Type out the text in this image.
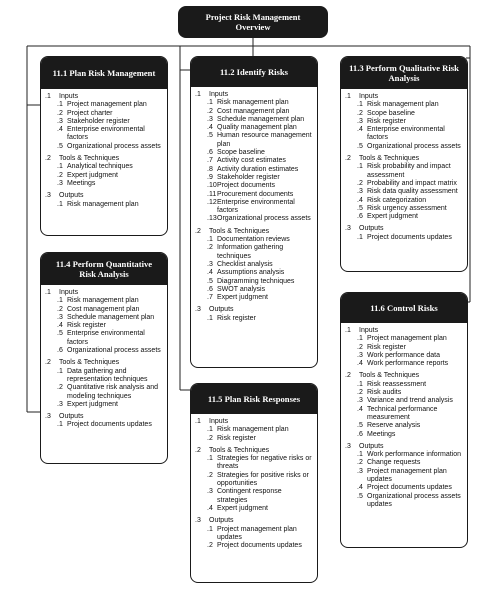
Project Risk Management Overview
11.1 Plan Risk Management
.1	Inputs
.1 Project management plan
.2 Project charter
.3 Stakeholder register
.4 Enterprise environmental factors
.5 Organizational process assets
.2	Tools & Techniques
.1 Analytical techniques
.2 Expert judgment
.3 Meetings
.3	Outputs
.1 Risk management plan
11.4 Perform Quantitative Risk Analysis
.1	Inputs
.1 Risk management plan
.2 Cost management plan
.3 Schedule management plan
.4 Risk register
.5 Enterprise environmental factors
.6 Organizational process assets
.2	Tools & Techniques
.1 Data gathering and representation techniques
.2 Quantitative risk analysis and modeling techniques
.3 Expert judgment
.3	Outputs
.1 Project documents updates
11.2 Identify Risks
.1	Inputs
.1 Risk management plan
.2 Cost management plan
.3 Schedule management plan
.4 Quality management plan
.5 Human resource management plan
.6 Scope baseline
.7 Activity cost estimates
.8 Activity duration estimates
.9 Stakeholder register
.10 Project documents
.11 Procurement documents
.12 Enterprise environmental factors
.13 Organizational process assets
.2	Tools & Techniques
.1 Documentation reviews
.2 Information gathering techniques
.3 Checklist analysis
.4 Assumptions analysis
.5 Diagramming techniques
.6 SWOT analysis
.7 Expert judgment
.3	Outputs
.1 Risk register
11.5 Plan Risk Responses
.1	Inputs
.1 Risk management plan
.2 Risk register
.2	Tools & Techniques
.1 Strategies for negative risks or threats
.2 Strategies for positive risks or opportunities
.3 Contingent response strategies
.4 Expert judgment
.3	Outputs
.1 Project management plan updates
.2 Project documents updates
11.3 Perform Qualitative Risk Analysis
.1	Inputs
.1 Risk management plan
.2 Scope baseline
.3 Risk register
.4 Enterprise environmental factors
.5 Organizational process assets
.2	Tools & Techniques
.1 Risk probability and impact assessment
.2 Probability and impact matrix
.3 Risk data quality assessment
.4 Risk categorization
.5 Risk urgency assessment
.6 Expert judgment
.3	Outputs
.1 Project documents updates
11.6 Control Risks
.1	Inputs
.1 Project management plan
.2 Risk register
.3 Work performance data
.4 Work performance reports
.2	Tools & Techniques
.1 Risk reassessment
.2 Risk audits
.3 Variance and trend analysis
.4 Technical performance measurement
.5 Reserve analysis
.6 Meetings
.3	Outputs
.1 Work performance information
.2 Change requests
.3 Project management plan updates
.4 Project documents updates
.5 Organizational process assets updates
